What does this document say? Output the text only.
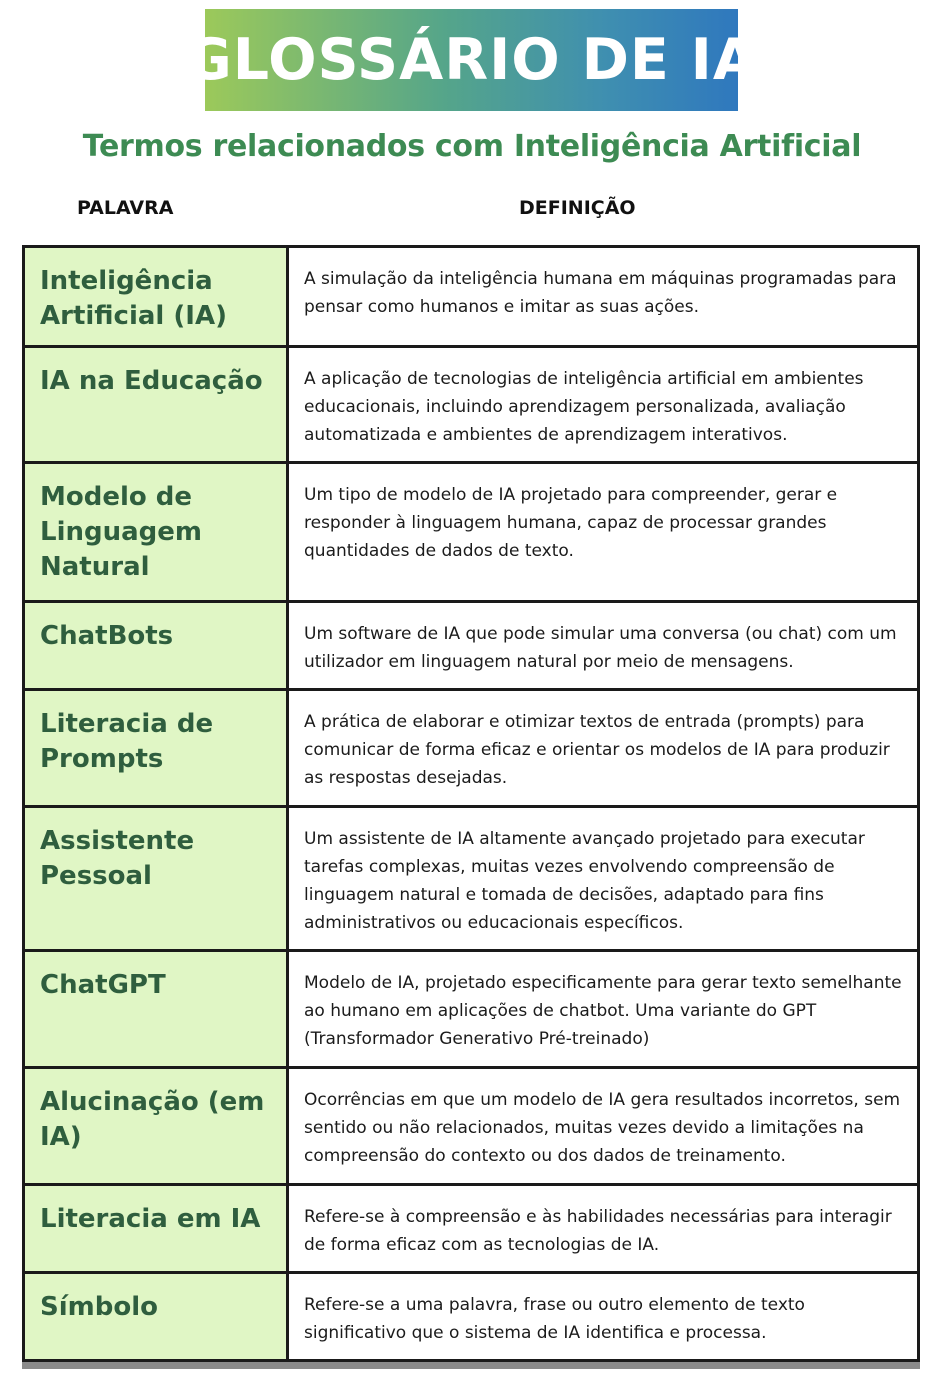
GLOSSÁRIO DE IA

Termos relacionados com Inteligência Artificial

PALAVRA	DEFINIÇÃO
Inteligência Artificial (IA)	A simulação da inteligência humana em máquinas programadas para pensar como humanos e imitar as suas ações.

IA na Educação	A aplicação de tecnologias de inteligência artificial em ambientes educacionais, incluindo aprendizagem personalizada, avaliação automatizada e ambientes de aprendizagem interativos.

Modelo de Linguagem Natural	Um tipo de modelo de IA projetado para compreender, gerar e responder à linguagem humana, capaz de processar grandes quantidades de dados de texto.

ChatBots	Um software de IA que pode simular uma conversa (ou chat) com um utilizador em linguagem natural por meio de mensagens.

Literacia de Prompts	A prática de elaborar e otimizar textos de entrada (prompts) para comunicar de forma eficaz e orientar os modelos de IA para produzir as respostas desejadas.

Assistente Pessoal	Um assistente de IA altamente avançado projetado para executar tarefas complexas, muitas vezes envolvendo compreensão de linguagem natural e tomada de decisões, adaptado para fins administrativos ou educacionais específicos.

ChatGPT	Modelo de IA, projetado especificamente para gerar texto semelhante ao humano em aplicações de chatbot. Uma variante do GPT (Transformador Generativo Pré-treinado)

Alucinação (em IA)	Ocorrências em que um modelo de IA gera resultados incorretos, sem sentido ou não relacionados, muitas vezes devido a limitações na compreensão do contexto ou dos dados de treinamento.

Literacia em IA	Refere-se à compreensão e às habilidades necessárias para interagir de forma eficaz com as tecnologias de IA.

Símbolo	Refere-se a uma palavra, frase ou outro elemento de texto significativo que o sistema de IA identifica e processa.
